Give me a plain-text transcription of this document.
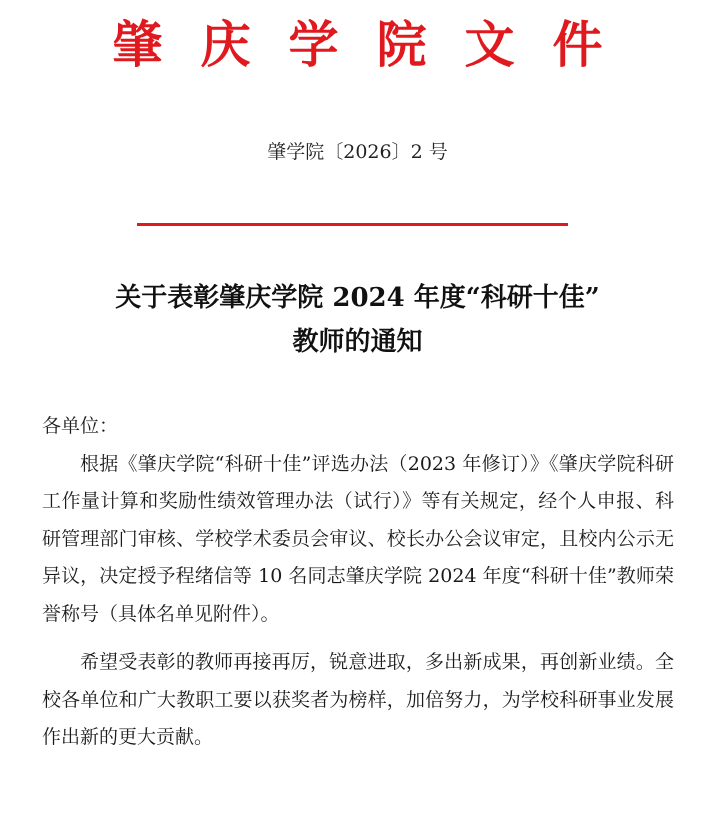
肇庆学院文件
肇学院〔2026〕2 号
关于表彰肇庆学院 2024 年度“科研十佳”
教师的通知

各单位：

根据《肇庆学院“科研十佳”评选办法（2023 年修订）》《肇庆学院科研工作量计算和奖励性绩效管理办法（试行）》等有关规定，经个人申报、科研管理部门审核、学校学术委员会审议、校长办公会议审定，且校内公示无异议，决定授予程绪信等 10 名同志肇庆学院 2024 年度“科研十佳”教师荣誉称号（具体名单见附件）。

希望受表彰的教师再接再厉，锐意进取，多出新成果，再创新业绩。全校各单位和广大教职工要以获奖者为榜样，加倍努力，为学校科研事业发展作出新的更大贡献。
